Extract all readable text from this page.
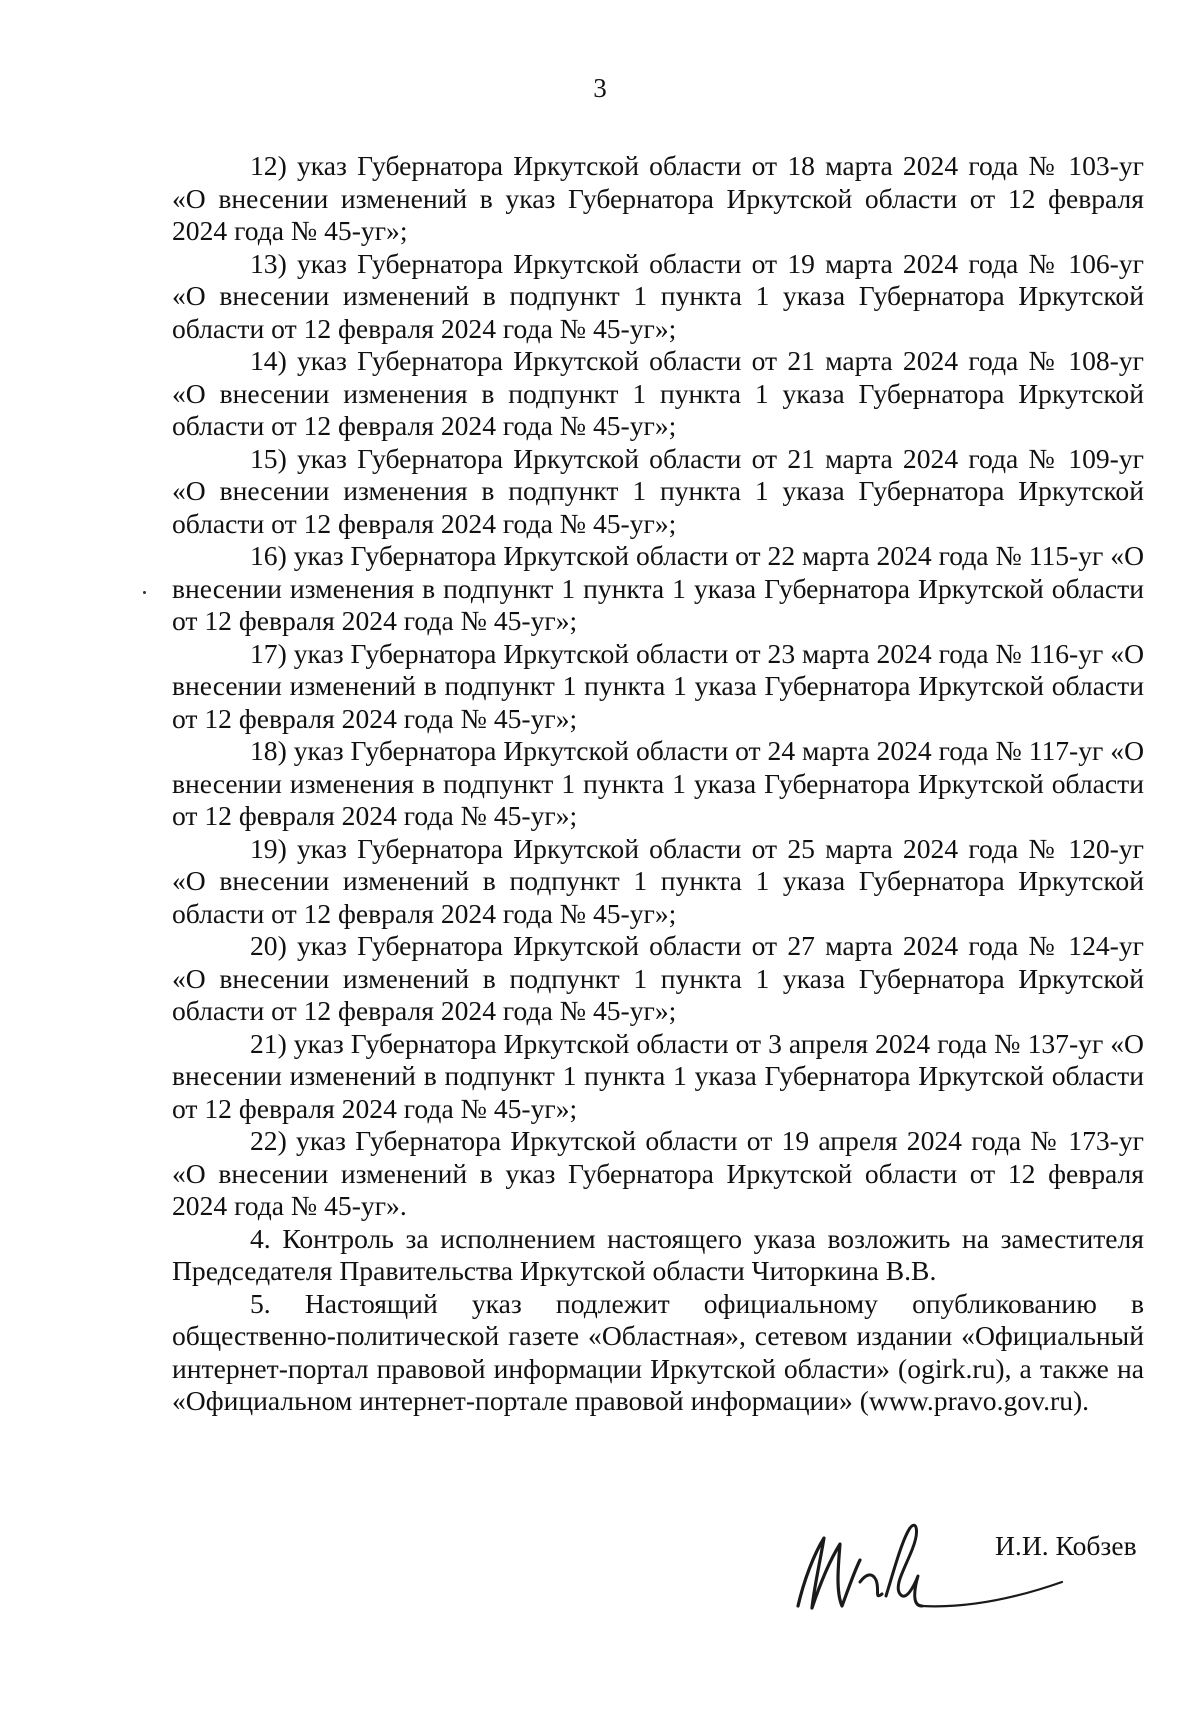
3

12) указ Губернатора Иркутской области от 18 марта 2024 года № 103-уг «О внесении изменений в указ Губернатора Иркутской области от 12 февраля 2024 года № 45-уг»;

13) указ Губернатора Иркутской области от 19 марта 2024 года № 106-уг «О внесении изменений в подпункт 1 пункта 1 указа Губернатора Иркутской области от 12 февраля 2024 года № 45-уг»;

14) указ Губернатора Иркутской области от 21 марта 2024 года № 108-уг «О внесении изменения в подпункт 1 пункта 1 указа Губернатора Иркутской области от 12 февраля 2024 года № 45-уг»;

15) указ Губернатора Иркутской области от 21 марта 2024 года № 109-уг «О внесении изменения в подпункт 1 пункта 1 указа Губернатора Иркутской области от 12 февраля 2024 года № 45-уг»;

16) указ Губернатора Иркутской области от 22 марта 2024 года № 115-уг «О внесении изменения в подпункт 1 пункта 1 указа Губернатора Иркутской области от 12 февраля 2024 года № 45-уг»;

17) указ Губернатора Иркутской области от 23 марта 2024 года № 116-уг «О внесении изменений в подпункт 1 пункта 1 указа Губернатора Иркутской области от 12 февраля 2024 года № 45-уг»;

18) указ Губернатора Иркутской области от 24 марта 2024 года № 117-уг «О внесении изменения в подпункт 1 пункта 1 указа Губернатора Иркутской области от 12 февраля 2024 года № 45-уг»;

19) указ Губернатора Иркутской области от 25 марта 2024 года № 120-уг «О внесении изменений в подпункт 1 пункта 1 указа Губернатора Иркутской области от 12 февраля 2024 года № 45-уг»;

20) указ Губернатора Иркутской области от 27 марта 2024 года № 124-уг «О внесении изменений в подпункт 1 пункта 1 указа Губернатора Иркутской области от 12 февраля 2024 года № 45-уг»;

21) указ Губернатора Иркутской области от 3 апреля 2024 года № 137-уг «О внесении изменений в подпункт 1 пункта 1 указа Губернатора Иркутской области от 12 февраля 2024 года № 45-уг»;

22) указ Губернатора Иркутской области от 19 апреля 2024 года № 173-уг «О внесении изменений в указ Губернатора Иркутской области от 12 февраля 2024 года № 45-уг».

4. Контроль за исполнением настоящего указа возложить на заместителя Председателя Правительства Иркутской области Читоркина В.В.

5. Настоящий указ подлежит официальному опубликованию в общественно-политической газете «Областная», сетевом издании «Официальный интернет-портал правовой информации Иркутской области» (ogirk.ru), а также на «Официальном интернет-портале правовой информации» (www.pravo.gov.ru).

И.И. Кобзев
